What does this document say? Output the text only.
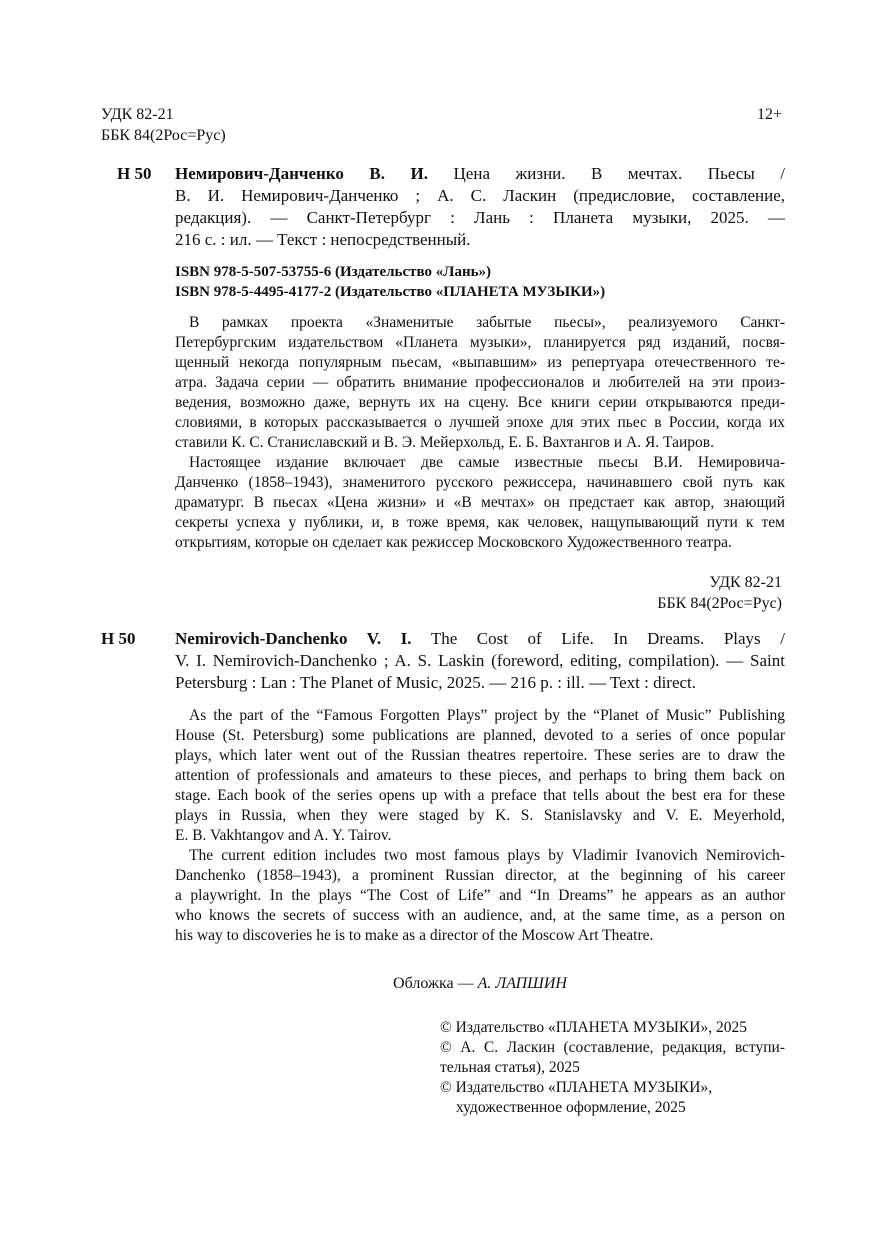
УДК 82-21
ББК 84(2Рос=Рус)
12+
Н 50 Немирович-Данченко В. И. Цена жизни. В мечтах. Пьесы /
В. И. Немирович-Данченко ; А. С. Ласкин (предисловие, составление,
редакция). — Санкт-Петербург : Лань : Планета музыки, 2025. —
216 с. : ил. — Текст : непосредственный.
ISBN 978-5-507-53755-6 (Издательство «Лань»)
ISBN 978-5-4495-4177-2 (Издательство «ПЛАНЕТА МУЗЫКИ»)
В рамках проекта «Знаменитые забытые пьесы», реализуемого Санкт-
Петербургским издательством «Планета музыки», планируется ряд изданий, посвя-
щенный некогда популярным пьесам, «выпавшим» из репертуара отечественного те-
атра. Задача серии — обратить внимание профессионалов и любителей на эти произ-
ведения, возможно даже, вернуть их на сцену. Все книги серии открываются преди-
словиями, в которых рассказывается о лучшей эпохе для этих пьес в России, когда их
ставили К. С. Станиславский и В. Э. Мейерхольд, Е. Б. Вахтангов и А. Я. Таиров.
Настоящее издание включает две самые известные пьесы В.И. Немировича-
Данченко (1858–1943), знаменитого русского режиссера, начинавшего свой путь как
драматург. В пьесах «Цена жизни» и «В мечтах» он предстает как автор, знающий
секреты успеха у публики, и, в тоже время, как человек, нащупывающий пути к тем
открытиям, которые он сделает как режиссер Московского Художественного театра.
УДК 82-21
ББК 84(2Рос=Рус)
Н 50 Nemirovich-Danchenko V. I. The Cost of Life. In Dreams. Plays /
V. I. Nemirovich-Danchenko ; A. S. Laskin (foreword, editing, compilation). — Saint
Petersburg : Lan : The Planet of Music, 2025. — 216 p. : ill. — Text : direct.
As the part of the “Famous Forgotten Plays” project by the “Planet of Music” Publishing
House (St. Petersburg) some publications are planned, devoted to a series of once popular
plays, which later went out of the Russian theatres repertoire. These series are to draw the
attention of professionals and amateurs to these pieces, and perhaps to bring them back on
stage. Each book of the series opens up with a preface that tells about the best era for these
plays in Russia, when they were staged by K. S. Stanislavsky and V. E. Meyerhold,
E. B. Vakhtangov and A. Y. Tairov.
The current edition includes two most famous plays by Vladimir Ivanovich Nemirovich-
Danchenko (1858–1943), a prominent Russian director, at the beginning of his career
a playwright. In the plays “The Cost of Life” and “In Dreams” he appears as an author
who knows the secrets of success with an audience, and, at the same time, as a person on
his way to discoveries he is to make as a director of the Moscow Art Theatre.
Обложка — А. ЛАПШИН
© Издательство «ПЛАНЕТА МУЗЫКИ», 2025
© А. С. Ласкин (составление, редакция, вступи-
тельная статья), 2025
© Издательство «ПЛАНЕТА МУЗЫКИ»,
художественное оформление, 2025
